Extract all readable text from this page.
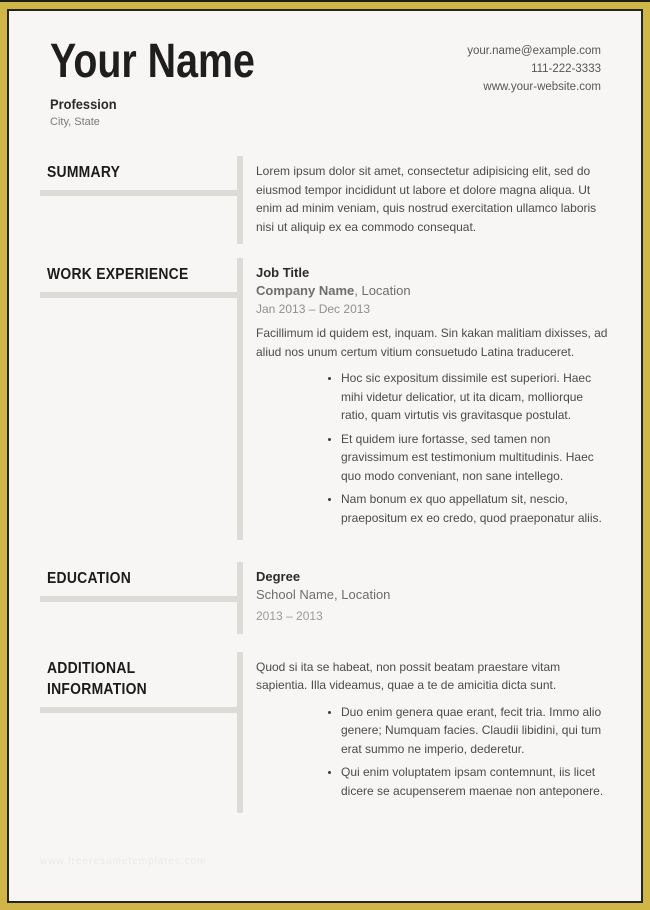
Your Name
Profession
City, State
your.name@example.com
111-222-3333
www.your-website.com
SUMMARY	Lorem ipsum dolor sit amet, consectetur adipisicing elit, sed do eiusmod tempor incididunt ut labore et dolore magna aliqua. Ut enim ad minim veniam, quis nostrud exercitation ullamco laboris nisi ut aliquip ex ea commodo consequat.

WORK EXPERIENCE	Job Title
Company Name, Location
Jan 2013 – Dec 2013

Facillimum id quidem est, inquam. Sin kakan malitiam dixisses, ad aliud nos unum certum vitium consuetudo Latina traduceret.

• Hoc sic expositum dissimile est superiori. Haec mihi videtur delicatior, ut ita dicam, molliorque ratio, quam virtutis vis gravitasque postulat.
• Et quidem iure fortasse, sed tamen non gravissimum est testimonium multitudinis. Haec quo modo conveniant, non sane intellego.
• Nam bonum ex quo appellatum sit, nescio, praepositum ex eo credo, quod praeponatur aliis.
EDUCATION	Degree
School Name, Location
2013 – 2013
ADDITIONAL INFORMATION

Quod si ita se habeat, non possit beatam praestare vitam sapientia. Illa videamus, quae a te de amicitia dicta sunt.

• Duo enim genera quae erant, fecit tria. Immo alio genere; Numquam facies. Claudii libidini, qui tum erat summo ne imperio, dederetur.
• Qui enim voluptatem ipsam contemnunt, iis licet dicere se acupenserem maenae non anteponere.
www.freeresumetemplates.com
